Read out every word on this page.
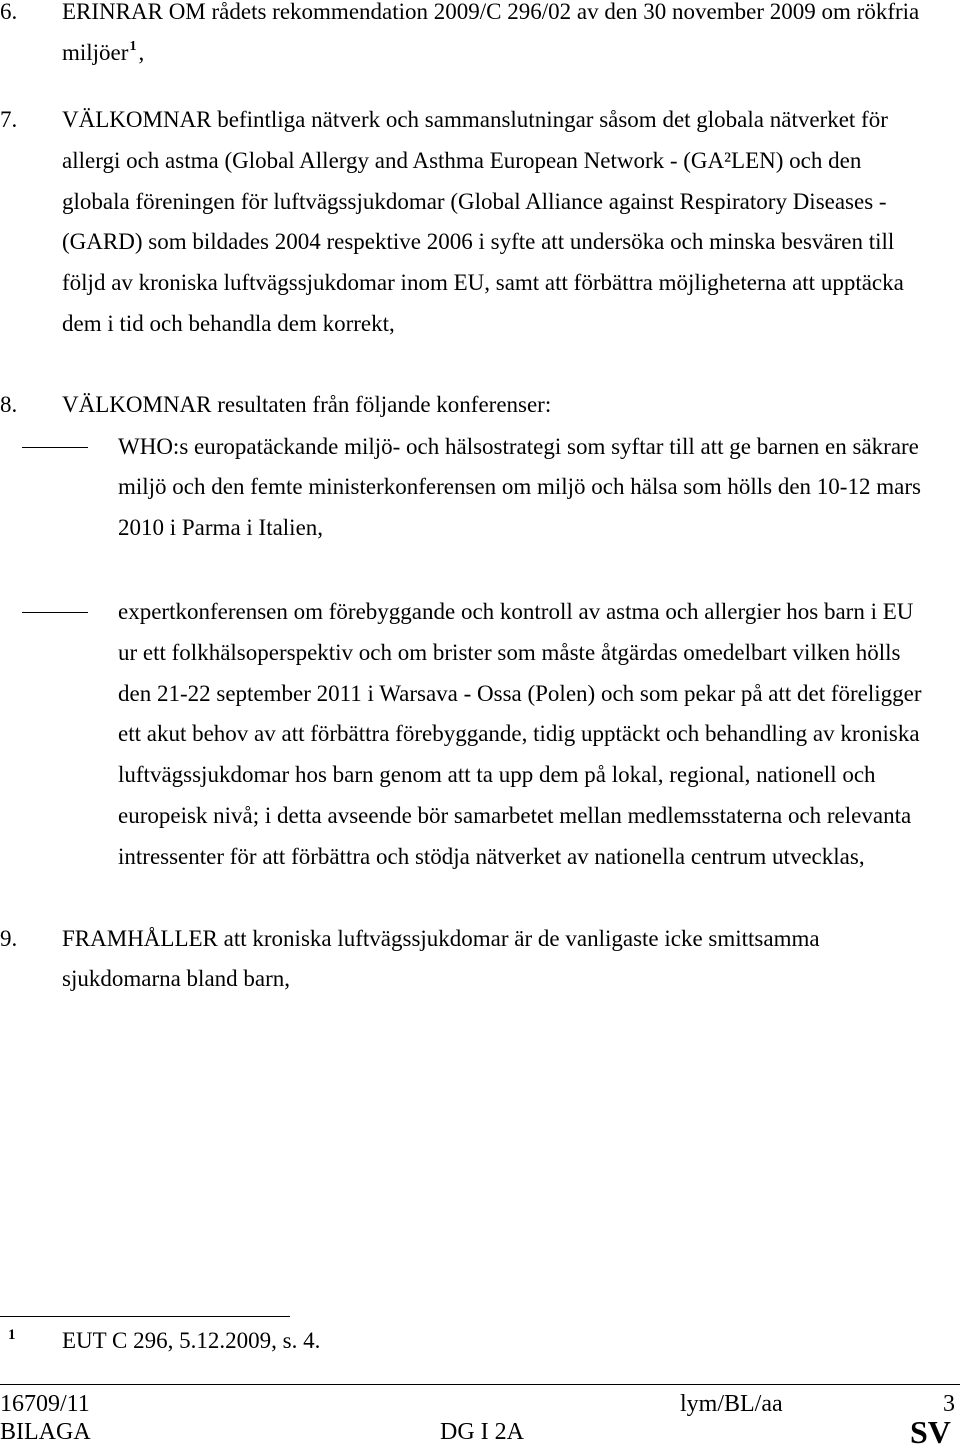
6. ERINRAR OM rådets rekommendation 2009/C 296/02 av den 30 november 2009 om rökfria
miljöer$^1$,
7. VÄLKOMNAR befintliga nätverk och sammanslutningar såsom det globala nätverket för
allergi och astma (Global Allergy and Asthma European Network - (GA²LEN) och den
globala föreningen för luftvägssjukdomar (Global Alliance against Respiratory Diseases -
(GARD) som bildades 2004 respektive 2006 i syfte att undersöka och minska besvären till
följd av kroniska luftvägssjukdomar inom EU, samt att förbättra möjligheterna att upptäcka
dem i tid och behandla dem korrekt,
8. VÄLKOMNAR resultaten från följande konferenser:
WHO:s europatäckande miljö- och hälsostrategi som syftar till att ge barnen en säkrare
miljö och den femte ministerkonferensen om miljö och hälsa som hölls den 10-12 mars
2010 i Parma i Italien,
expertkonferensen om förebyggande och kontroll av astma och allergier hos barn i EU
ur ett folkhälsoperspektiv och om brister som måste åtgärdas omedelbart vilken hölls
den 21-22 september 2011 i Warsava - Ossa (Polen) och som pekar på att det föreligger
ett akut behov av att förbättra förebyggande, tidig upptäckt och behandling av kroniska
luftvägssjukdomar hos barn genom att ta upp dem på lokal, regional, nationell och
europeisk nivå; i detta avseende bör samarbetet mellan medlemsstaterna och relevanta
intressenter för att förbättra och stödja nätverket av nationella centrum utvecklas,
9. FRAMHÅLLER att kroniska luftvägssjukdomar är de vanligaste icke smittsamma
sjukdomarna bland barn,
1 EUT C 296, 5.12.2009, s. 4.
16709/11	lym/BL/aa	3
BILAGA	DG I 2A	SV
